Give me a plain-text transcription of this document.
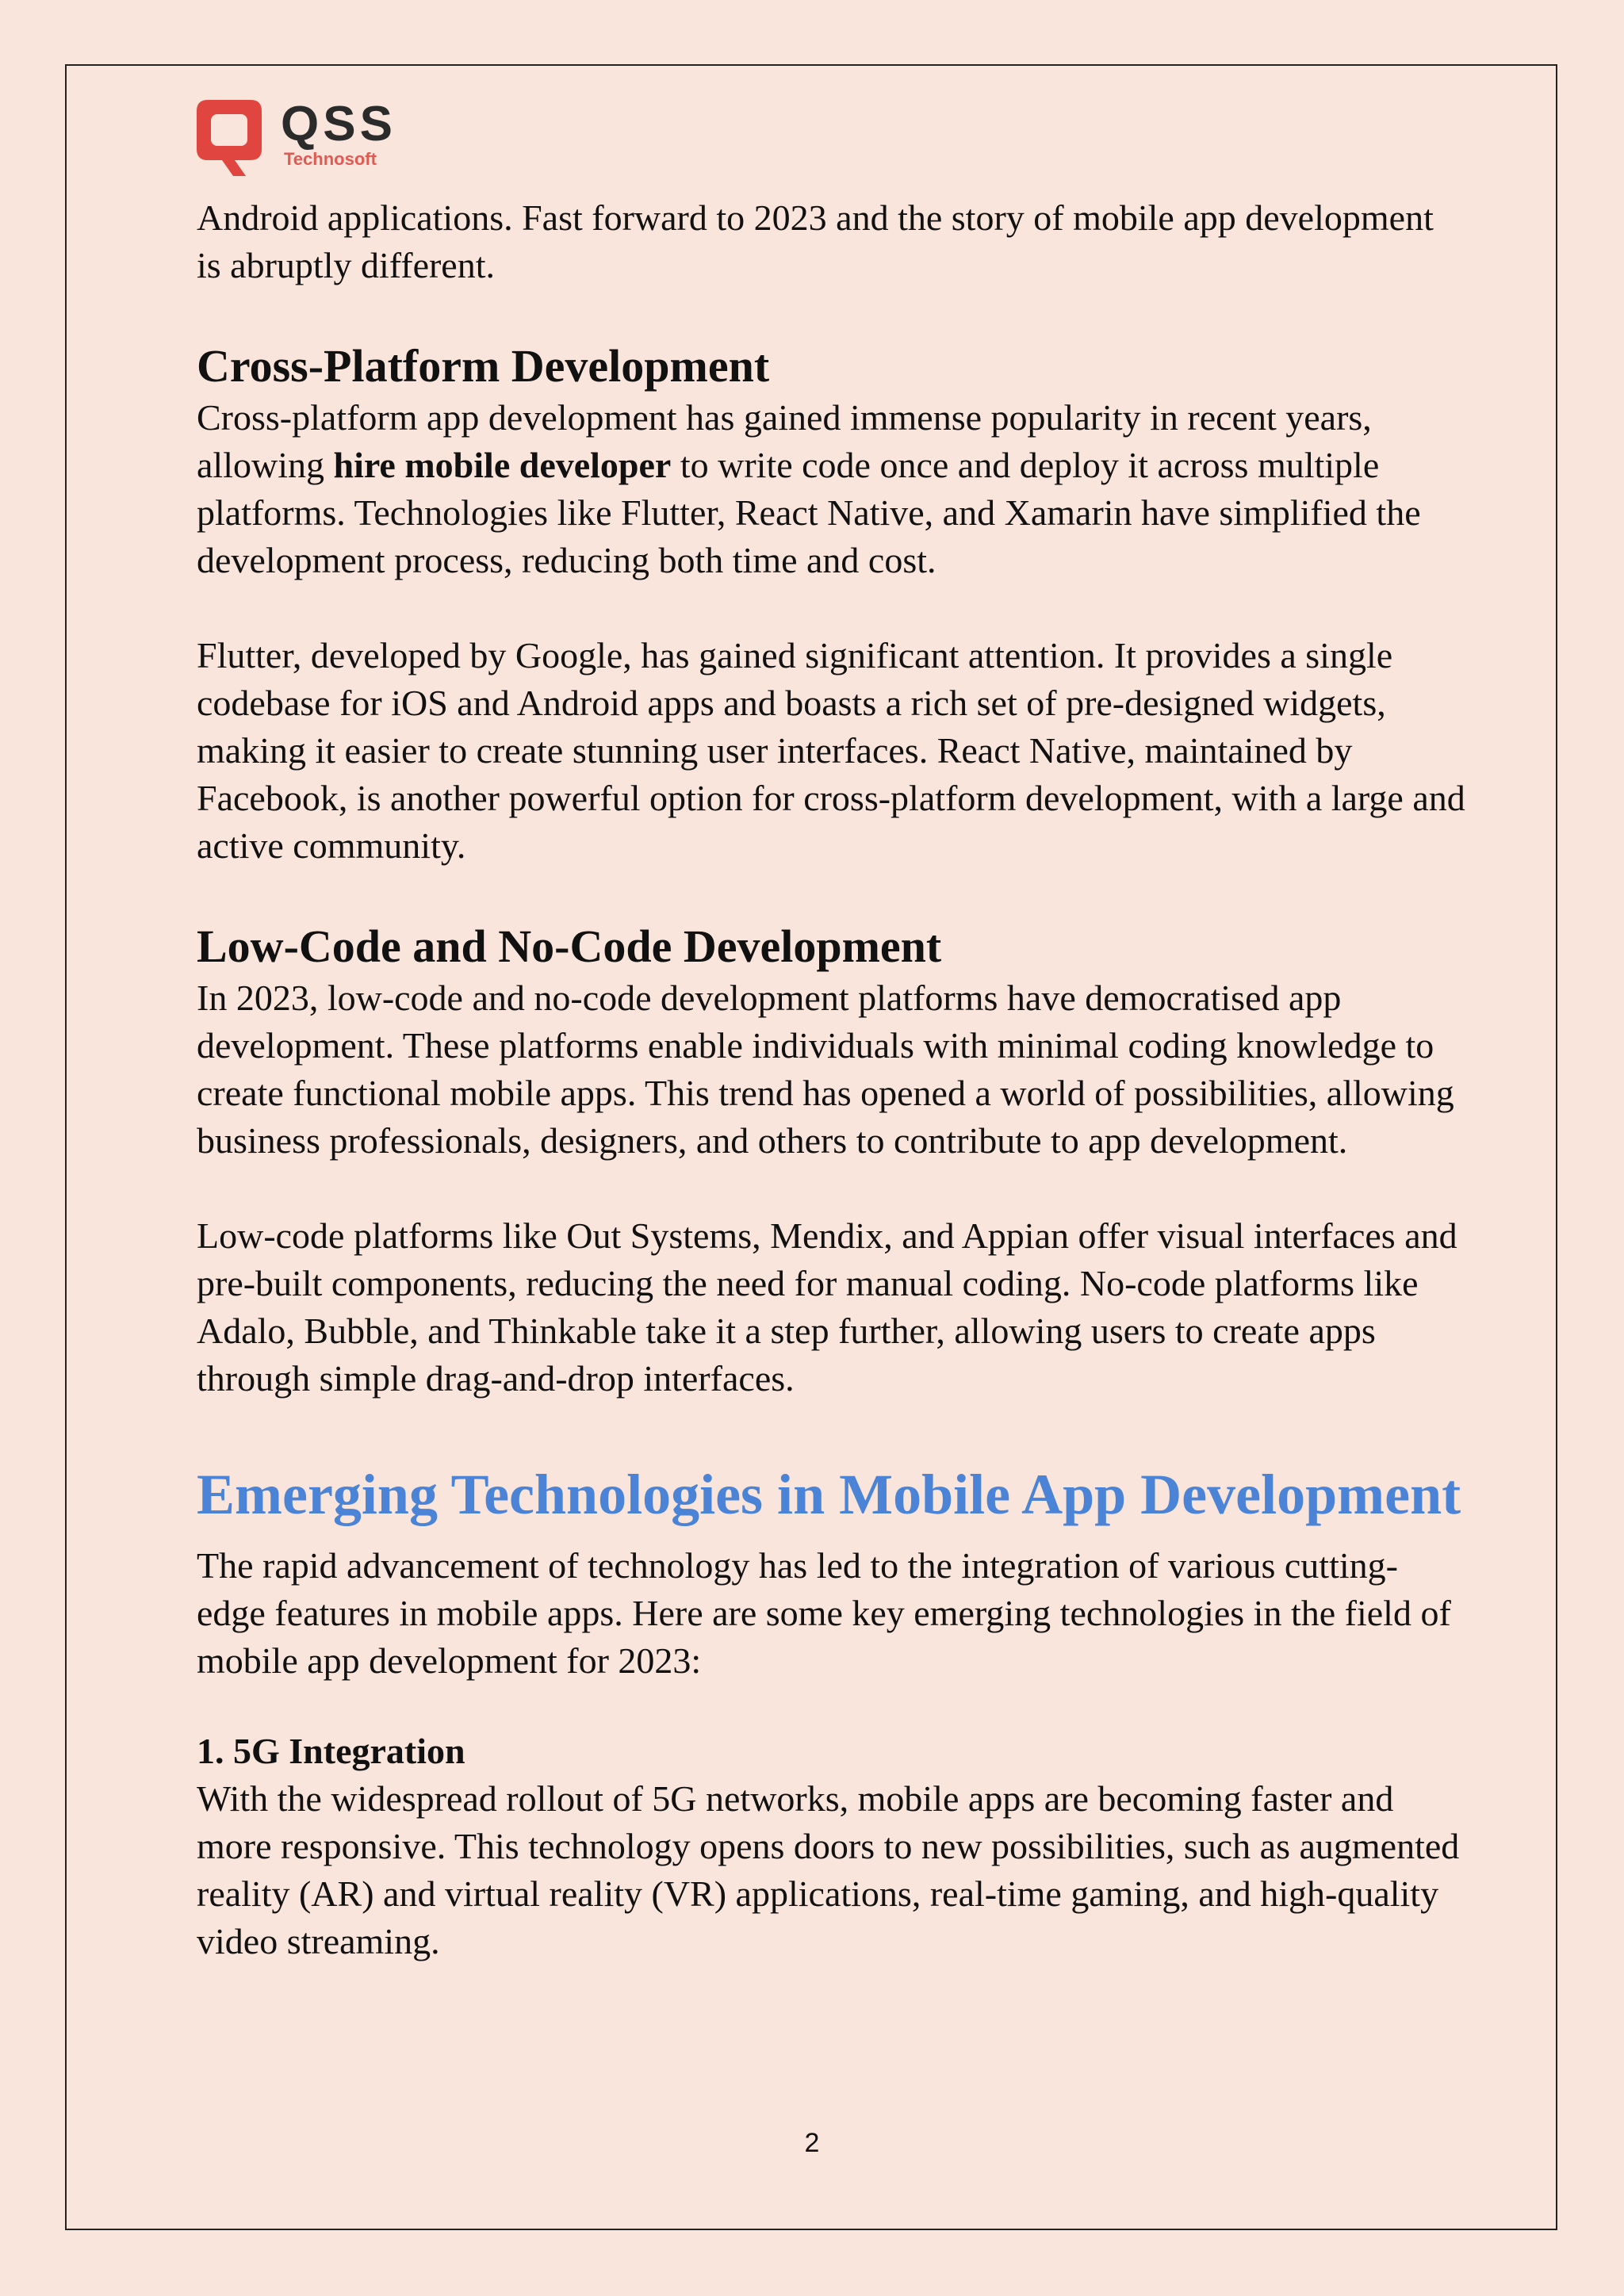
QSS
Technosoft

Android applications. Fast forward to 2023 and the story of mobile app development is abruptly different.

Cross-Platform Development

Cross-platform app development has gained immense popularity in recent years, allowing hire mobile developer to write code once and deploy it across multiple platforms. Technologies like Flutter, React Native, and Xamarin have simplified the development process, reducing both time and cost.

Flutter, developed by Google, has gained significant attention. It provides a single codebase for iOS and Android apps and boasts a rich set of pre-designed widgets, making it easier to create stunning user interfaces. React Native, maintained by Facebook, is another powerful option for cross-platform development, with a large and active community.

Low-Code and No-Code Development

In 2023, low-code and no-code development platforms have democratised app development. These platforms enable individuals with minimal coding knowledge to create functional mobile apps. This trend has opened a world of possibilities, allowing business professionals, designers, and others to contribute to app development.

Low-code platforms like Out Systems, Mendix, and Appian offer visual interfaces and pre-built components, reducing the need for manual coding. No-code platforms like Adalo, Bubble, and Thinkable take it a step further, allowing users to create apps through simple drag-and-drop interfaces.

Emerging Technologies in Mobile App Development

The rapid advancement of technology has led to the integration of various cutting-edge features in mobile apps. Here are some key emerging technologies in the field of mobile app development for 2023:

1. 5G Integration

With the widespread rollout of 5G networks, mobile apps are becoming faster and more responsive. This technology opens doors to new possibilities, such as augmented reality (AR) and virtual reality (VR) applications, real-time gaming, and high-quality video streaming.

2
